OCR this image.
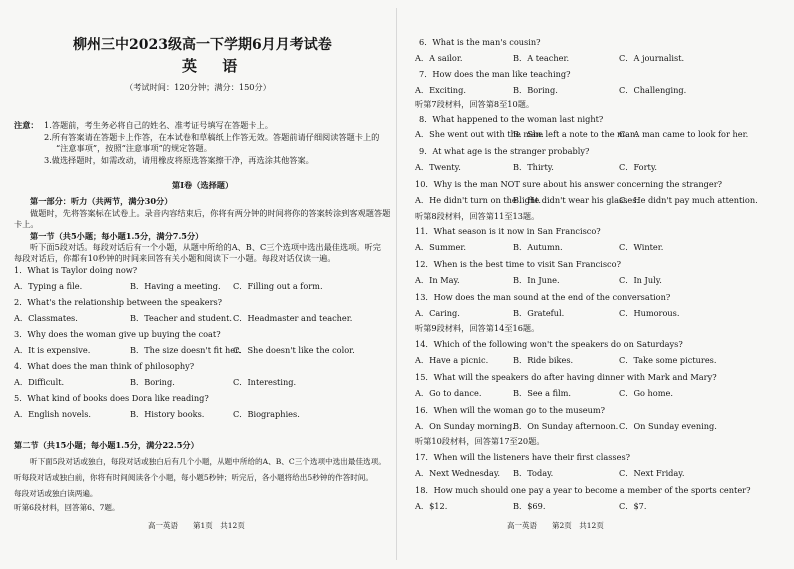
柳州三中2023级高一下学期6月月考试卷
英 语
（考试时间：120分钟；满分：150分）
注意： 1.答题前，考生务必将自己的姓名、准考证号填写在答题卡上。
2.所有答案请在答题卡上作答，在本试卷和草稿纸上作答无效。答题前请仔细阅读答题卡上的
“注意事项”，按照“注意事项”的规定答题。
3.做选择题时，如需改动，请用橡皮将原选答案擦干净，再选涂其他答案。
第Ⅰ卷（选择题）
第一部分：听力（共两节，满分30分）
做题时，先将答案标在试卷上。录音内容结束后，你将有两分钟的时间将你的答案转涂到客观题答题
卡上。
第一节（共5小题；每小题1.5分，满分7.5分）
听下面5段对话。每段对话后有一个小题，从题中所给的A、B、C三个选项中选出最佳选项。听完
每段对话后，你都有10秒钟的时间来回答有关小题和阅读下一小题。每段对话仅读一遍。
1．What is Taylor doing now?
A．Typing a file.	B．Having a meeting. C．Filling out a form.
2．What's the relationship between the speakers?
A．Classmates.	B．Teacher and student. C．Headmaster and teacher.
3．Why does the woman give up buying the coat?
A．It is expensive.	B．The size doesn't fit her.
C．She doesn't like the color.
4．What does the man think of philosophy?
A．Difficult.	B．Boring.	C．Interesting.
5．What kind of books does Dora like reading?
A．English novels.	B．History books.	C．Biographies.
第二节（共15小题；每小题1.5分，满分22.5分）
听下面5段对话或独白，每段对话或独白后有几个小题，从题中所给的A、B、C三个选项中选出最佳选项。
听每段对话或独白前，你将有时间阅读各个小题，每小题5秒钟；听完后，各小题将给出5秒钟的作答时间。
每段对话或独白读两遍。
听第6段材料，回答第6、7题。
高一英语　　第1页　共12页
6．What is the man's cousin?
A．A sailor.	B．A teacher.	C．A journalist.
7．How does the man like teaching?
A．Exciting.	B．Boring.	C．Challenging.
听第7段材料，回答第8至10题。
8．What happened to the woman last night?
A．She went out with the man.
B．She left a note to the man.
C．A man came to look for her.
9．At what age is the stranger probably?
A．Twenty.	B．Thirty.	C．Forty.
10．Why is the man NOT sure about his answer concerning the stranger?
A．He didn't turn on the light.
B．He didn't wear his glasses.
C．He didn't pay much attention.
听第8段材料，回答第11至13题。
11．What season is it now in San Francisco?
A．Summer.	B．Autumn.	C．Winter.
12．When is the best time to visit San Francisco?
A．In May.	B．In June.	C．In July.
13．How does the man sound at the end of the conversation?
A．Caring.	B．Grateful.	C．Humorous.
听第9段材料，回答第14至16题。
14．Which of the following won't the speakers do on Saturdays?
A．Have a picnic.	B．Ride bikes.	C．Take some pictures.
15．What will the speakers do after having dinner with Mark and Mary?
A．Go to dance.	B．See a film.	C．Go home.
16．When will the woman go to the museum?
A．On Sunday morning.
B．On Sunday afternoon. C．On Sunday evening.
听第10段材料，回答第17至20题。
17．When will the listeners have their first classes?
A．Next Wednesday. B．Today.	C．Next Friday.
18．How much should one pay a year to become a member of the sports center?
A．$12.	B．$69.	C．$7.
高一英语　　第2页　共12页
